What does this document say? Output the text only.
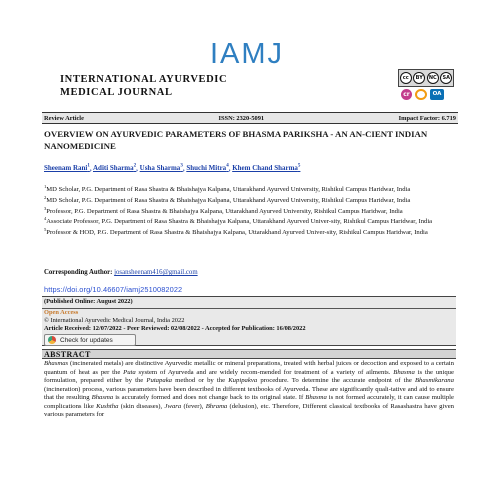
IAMJ
INTERNATIONAL AYURVEDIC
MEDICAL JOURNAL
cc	BY	NC	SA
cr	OA
Review Article	ISSN: 2320-5091	Impact Factor: 6.719
OVERVIEW ON AYURVEDIC PARAMETERS OF BHASMA PARIKSHA - AN AN-CIENT INDIAN NANOMEDICINE
Sheenam Rani$^1$, Aditi Sharma$^2$, Usha Sharma$^3$, Shuchi Mitra$^4$, Khem Chand Sharma$^5$
$^1$MD Scholar, P.G. Department of Rasa Shastra & Bhaishajya Kalpana, Uttarakhand Ayurved University, Rishikul Campus Haridwar, India
$^2$MD Scholar, P.G. Department of Rasa Shastra & Bhaishajya Kalpana, Uttarakhand Ayurved University, Rishikul Campus Haridwar, India
$^3$Professor, P.G. Department of Rasa Shastra & Bhaishajya Kalpana, Uttarakhand Ayurved University, Rishikul Campus Haridwar, India
$^4$Associate Professor, P.G. Department of Rasa Shastra & Bhaishajya Kalpana, Uttarakhand Ayurved Univer-sity, Rishikul Campus Haridwar, India
$^5$Professor & HOD, P.G. Department of Rasa Shastra & Bhaishajya Kalpana, Uttarakhand Ayurved Univer-sity, Rishikul Campus Haridwar, India
Corresponding Author: josansheenam416@gmail.com
https://doi.org/10.46607/iamj2510082022
(Published Online: August 2022)
Open Access
© International Ayurvedic Medical Journal, India 2022
Article Received: 12/07/2022 - Peer Reviewed: 02/08/2022 - Accepted for Publication: 16/08/2022
Check for updates
ABSTRACT

Bhasmas (incinerated metals) are distinctive Ayurvedic metallic or mineral preparations, treated with herbal juices or decoction and exposed to a certain quantum of heat as per the Puta system of Ayurveda and are widely recom-mended for treatment of a variety of ailments. Bhasma is the unique formulation, prepared either by the Putapaka method or by the Kupipakva procedure. To determine the accurate endpoint of the Bhasmikarana (incineration) process, various parameters have been described in different textbooks of Ayurveda. These are significantly quali-tative and aid to ensure that the resulting Bhasma is accurately formed and does not change back to its original state. If Bhasma is not formed accurately, it can cause multiple complications like Kushtha (skin diseases), Jwara (fever), Bhrama (delusion), etc. Therefore, Different classical textbooks of Rasashastra have given various parameters for
